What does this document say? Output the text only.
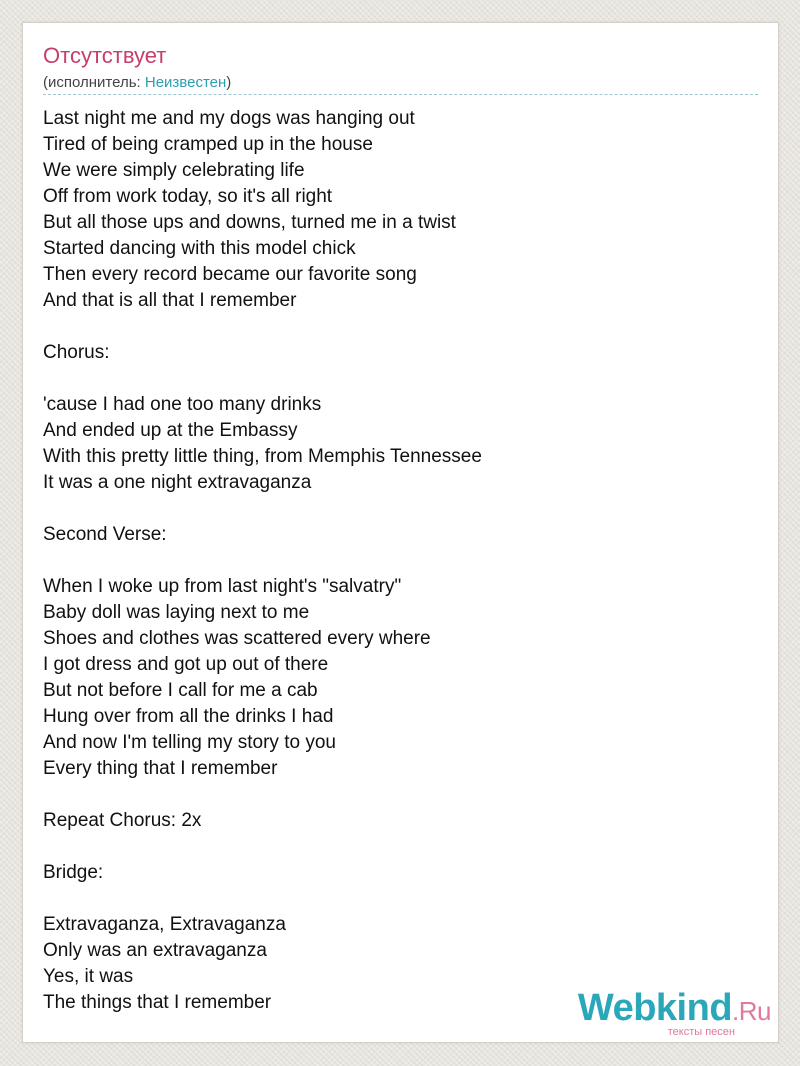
Отсутствует
(исполнитель: Неизвестен)
Last night me and my dogs was hanging out
Tired of being cramped up in the house
We were simply celebrating life
Off from work today, so it's all right
But all those ups and downs, turned me in a twist
Started dancing with this model chick
Then every record became our favorite song
And that is all that I remember
Chorus:
'cause I had one too many drinks
And ended up at the Embassy
With this pretty little thing, from Memphis Tennessee
It was a one night extravaganza
Second Verse:
When I woke up from last night's "salvatry"
Baby doll was laying next to me
Shoes and clothes was scattered every where
I got dress and got up out of there
But not before I call for me a cab
Hung over from all the drinks I had
And now I'm telling my story to you
Every thing that I remember
Repeat Chorus: 2x
Bridge:
Extravaganza, Extravaganza
Only was an extravaganza
Yes, it was
The things that I remember	Webkind.Ru
тексты песен
